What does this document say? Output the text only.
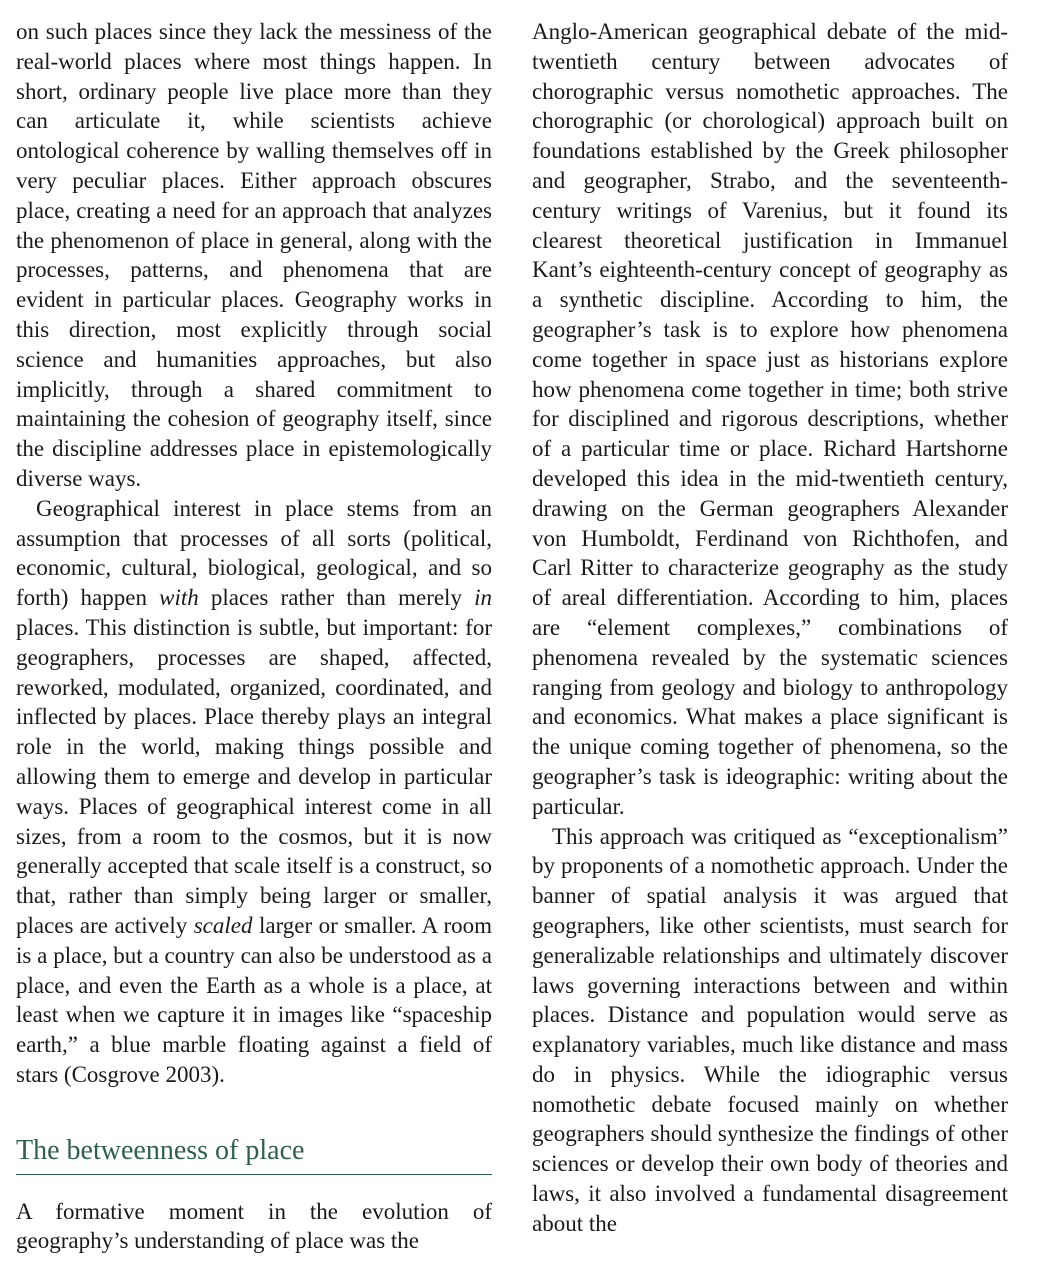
on such places since they lack the messiness of the real-world places where most things happen. In short, ordinary people live place more than they can articulate it, while scientists achieve ontological coherence by walling themselves off in very peculiar places. Either approach obscures place, creating a need for an approach that analyzes the phenomenon of place in general, along with the processes, patterns, and phenomena that are evident in particular places. Geography works in this direction, most explicitly through social science and humanities approaches, but also implicitly, through a shared commitment to maintaining the cohesion of geography itself, since the discipline addresses place in epistemologically diverse ways.

Geographical interest in place stems from an assumption that processes of all sorts (political, economic, cultural, biological, geological, and so forth) happen with places rather than merely in places. This distinction is subtle, but important: for geographers, processes are shaped, affected, reworked, modulated, organized, coordinated, and inflected by places. Place thereby plays an integral role in the world, making things possible and allowing them to emerge and develop in particular ways. Places of geographical interest come in all sizes, from a room to the cosmos, but it is now generally accepted that scale itself is a construct, so that, rather than simply being larger or smaller, places are actively scaled larger or smaller. A room is a place, but a country can also be understood as a place, and even the Earth as a whole is a place, at least when we capture it in images like “spaceship earth,” a blue marble floating against a field of stars (Cosgrove 2003).

The betweenness of place

A formative moment in the evolution of geography’s understanding of place was the

Anglo-American geographical debate of the mid-twentieth century between advocates of chorographic versus nomothetic approaches. The chorographic (or chorological) approach built on foundations established by the Greek philosopher and geographer, Strabo, and the seventeenth-century writings of Varenius, but it found its clearest theoretical justification in Immanuel Kant’s eighteenth-century concept of geography as a synthetic discipline. According to him, the geographer’s task is to explore how phenomena come together in space just as historians explore how phenomena come together in time; both strive for disciplined and rigorous descriptions, whether of a particular time or place. Richard Hartshorne developed this idea in the mid-twentieth century, drawing on the German geographers Alexander von Humboldt, Ferdinand von Richthofen, and Carl Ritter to characterize geography as the study of areal differentiation. According to him, places are “element complexes,” combinations of phenomena revealed by the systematic sciences ranging from geology and biology to anthropology and economics. What makes a place significant is the unique coming together of phenomena, so the geographer’s task is ideographic: writing about the particular.

This approach was critiqued as “exceptionalism” by proponents of a nomothetic approach. Under the banner of spatial analysis it was argued that geographers, like other scientists, must search for generalizable relationships and ultimately discover laws governing interactions between and within places. Distance and population would serve as explanatory variables, much like distance and mass do in physics. While the idiographic versus nomothetic debate focused mainly on whether geographers should synthesize the findings of other sciences or develop their own body of theories and laws, it also involved a fundamental disagreement about the
